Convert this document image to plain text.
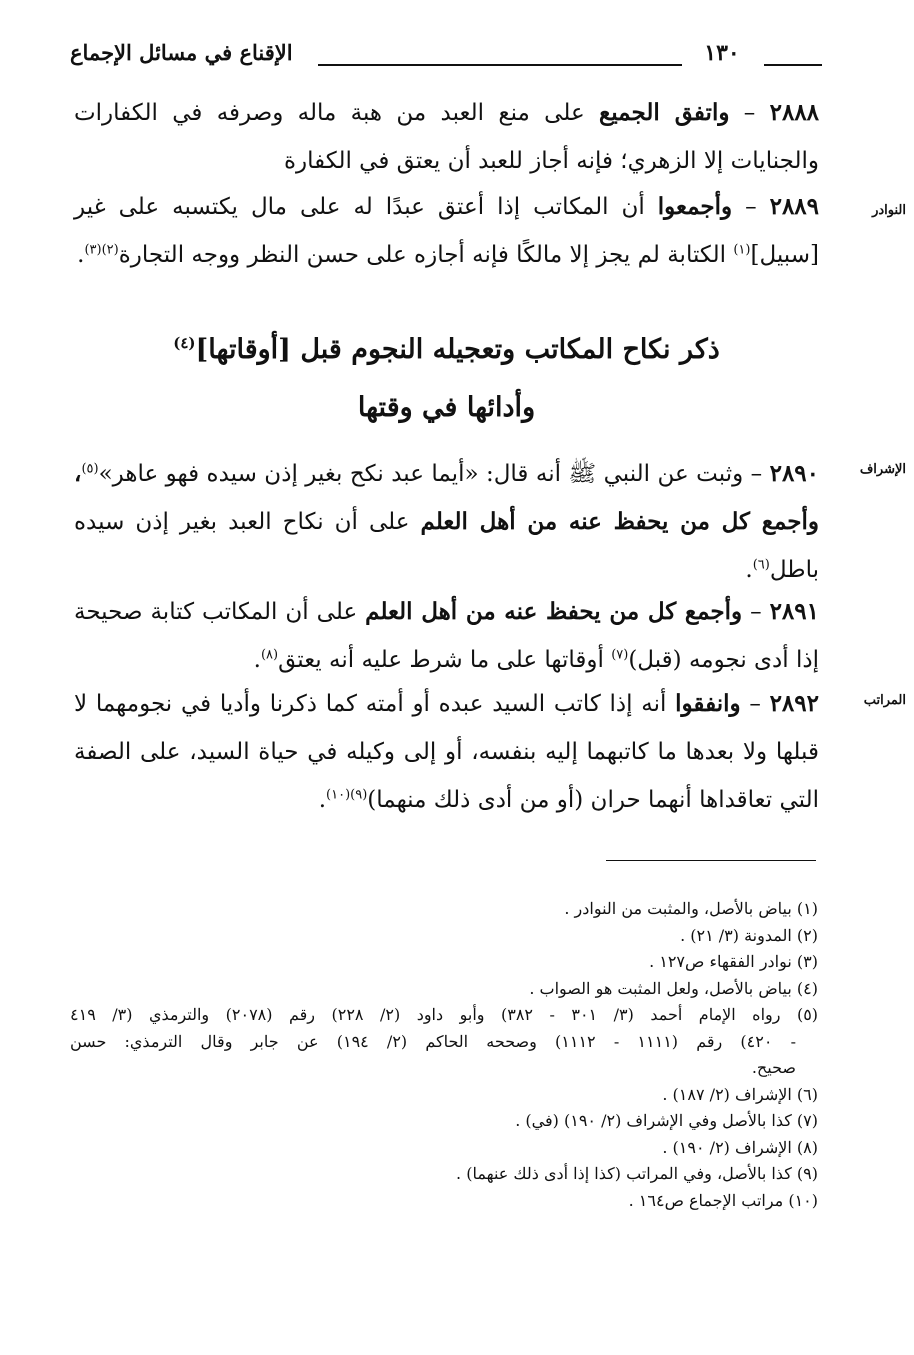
الإقناع في مسائل الإجماع	١٣٠
٢٨٨٨ – واتفق الجميع على منع العبد من هبة ماله وصرفه في الكفارات والجنايات إلا الزهري؛ فإنه أجاز للعبد أن يعتق في الكفارة
النوادر
٢٨٨٩ – وأجمعوا أن المكاتب إذا أعتق عبدًا له على مال يكتسبه على غير [سبيل]$^{(١)}$ الكتابة لم يجز إلا مالكًا فإنه أجازه على حسن النظر ووجه التجارة$^{(٢)(٣)}$.
ذكر نكاح المكاتب وتعجيله النجوم قبل [أوقاتها]$^{(٤)}$
وأدائها في وقتها
الإشراف
٢٨٩٠ – وثبت عن النبي ﷺ أنه قال: «أيما عبد نكح بغير إذن سيده فهو عاهر»$^{(٥)}$، وأجمع كل من يحفظ عنه من أهل العلم على أن نكاح العبد بغير إذن سيده باطل$^{(٦)}$.
٢٨٩١ – وأجمع كل من يحفظ عنه من أهل العلم على أن المكاتب كتابة صحيحة إذا أدى نجومه (قبل)$^{(٧)}$ أوقاتها على ما شرط عليه أنه يعتق$^{(٨)}$.
المراتب
٢٨٩٢ – وانفقوا أنه إذا كاتب السيد عبده أو أمته كما ذكرنا وأديا في نجومهما لا قبلها ولا بعدها ما كاتبهما إليه بنفسه، أو إلى وكيله في حياة السيد، على الصفة التي تعاقداها أنهما حران (أو من أدى ذلك منهما)$^{(٩)(١٠)}$.
(١) بياض بالأصل، والمثبت من النوادر .
(٢) المدونة (٣/ ٢١) .
(٣) نوادر الفقهاء ص١٢٧ .
(٤) بياض بالأصل، ولعل المثبت هو الصواب .
(٥) رواه الإمام أحمد (٣/ ٣٠١ - ٣٨٢) وأبو داود (٢/ ٢٢٨) رقم (٢٠٧٨) والترمذي (٣/ ٤١٩
- ٤٢٠) رقم (١١١١ - ١١١٢) وصححه الحاكم (٢/ ١٩٤) عن جابر وقال الترمذي: حسن
صحيح.
(٦) الإشراف (٢/ ١٨٧) .
(٧) كذا بالأصل وفي الإشراف (٢/ ١٩٠) (في) .
(٨) الإشراف (٢/ ١٩٠) .
(٩) كذا بالأصل، وفي المراتب (كذا إذا أدى ذلك عنهما) .
(١٠) مراتب الإجماع ص١٦٤ .
